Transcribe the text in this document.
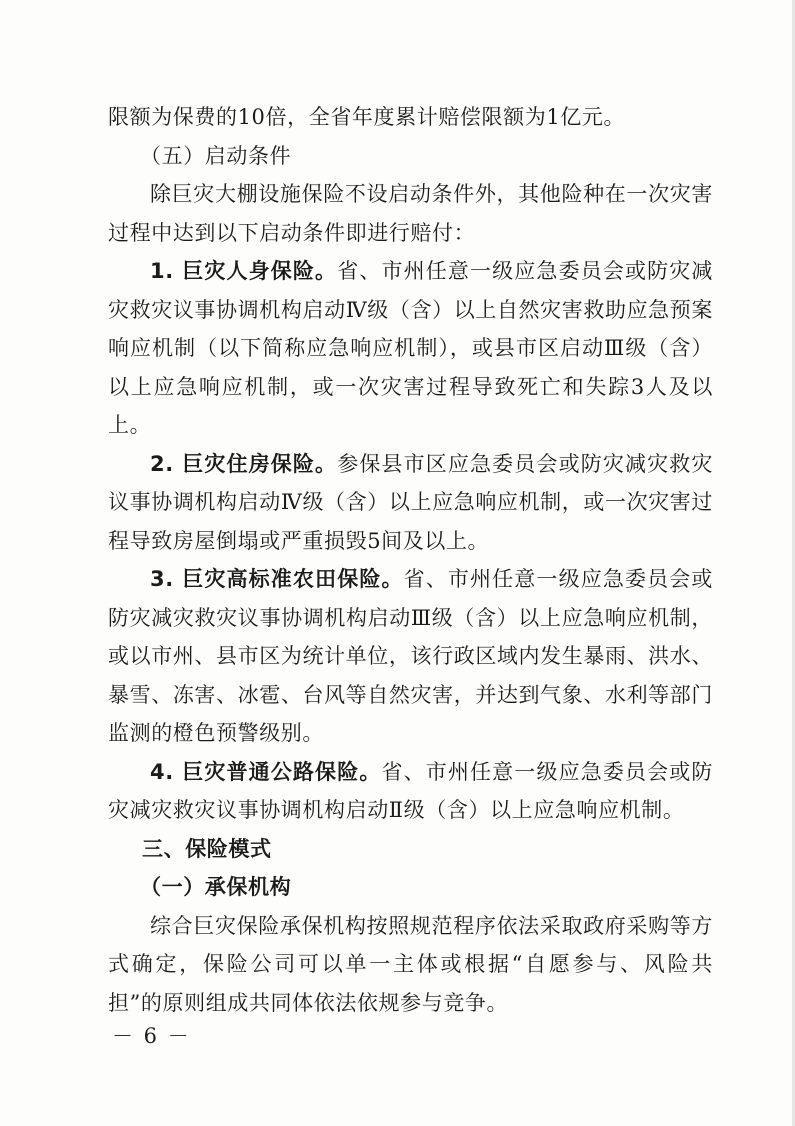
限额为保费的10倍，全省年度累计赔偿限额为1亿元。

（五）启动条件

除巨灾大棚设施保险不设启动条件外，其他险种在一次灾害过程中达到以下启动条件即进行赔付：

1. 巨灾人身保险。省、市州任意一级应急委员会或防灾减灾救灾议事协调机构启动Ⅳ级（含）以上自然灾害救助应急预案响应机制（以下简称应急响应机制），或县市区启动Ⅲ级（含）以上应急响应机制，或一次灾害过程导致死亡和失踪3人及以上。

2. 巨灾住房保险。参保县市区应急委员会或防灾减灾救灾议事协调机构启动Ⅳ级（含）以上应急响应机制，或一次灾害过程导致房屋倒塌或严重损毁5间及以上。

3. 巨灾高标准农田保险。省、市州任意一级应急委员会或防灾减灾救灾议事协调机构启动Ⅲ级（含）以上应急响应机制，或以市州、县市区为统计单位，该行政区域内发生暴雨、洪水、暴雪、冻害、冰雹、台风等自然灾害，并达到气象、水利等部门监测的橙色预警级别。

4. 巨灾普通公路保险。省、市州任意一级应急委员会或防灾减灾救灾议事协调机构启动Ⅱ级（含）以上应急响应机制。

三、保险模式

（一）承保机构

综合巨灾保险承保机构按照规范程序依法采取政府采购等方式确定，保险公司可以单一主体或根据“自愿参与、风险共担”的原则组成共同体依法依规参与竞争。

－ 6 －
